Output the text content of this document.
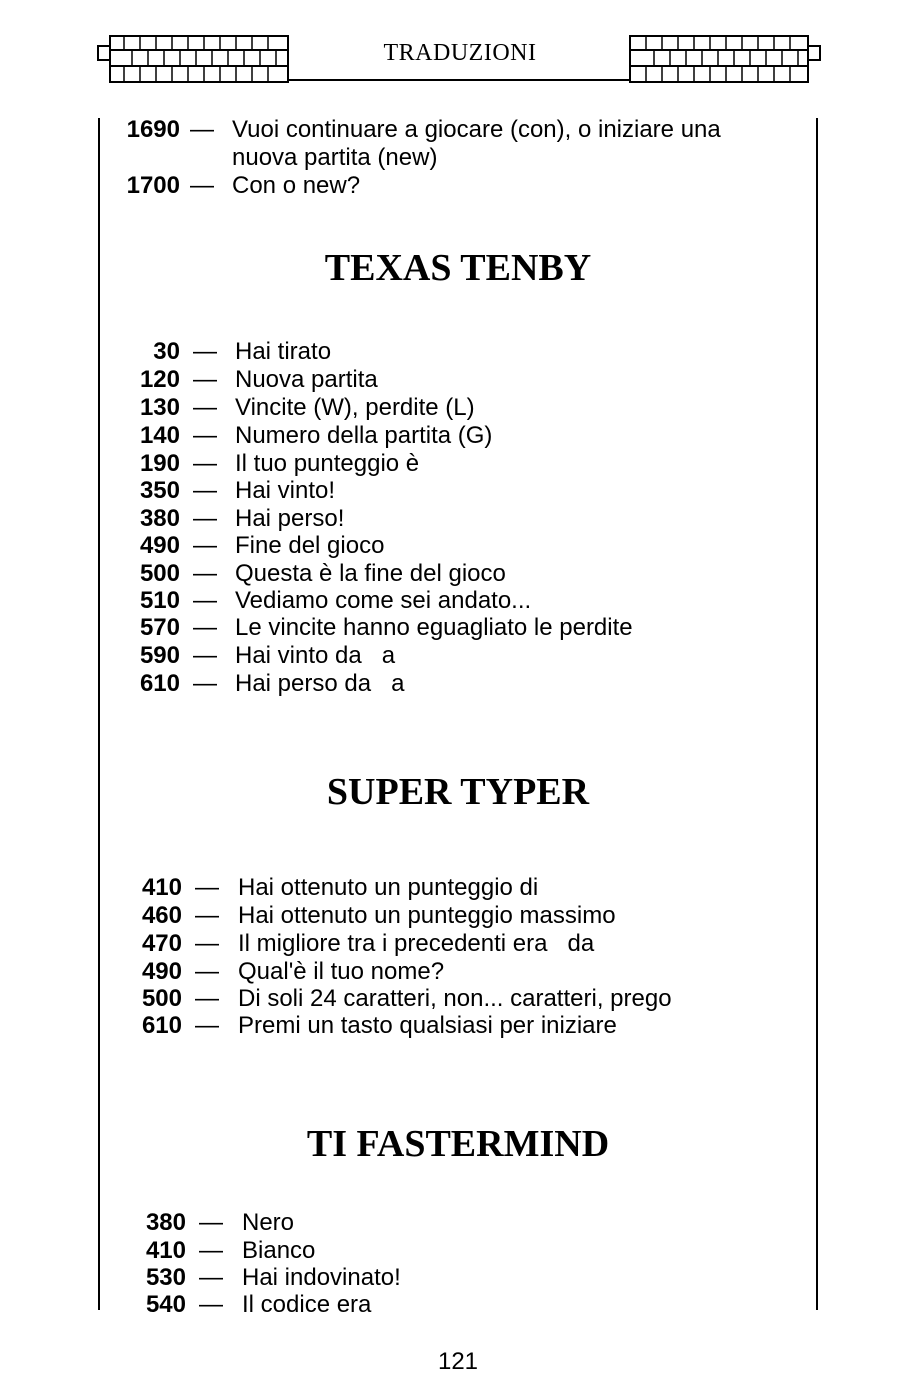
TRADUZIONI
1690 — Vuoi continuare a giocare (con), o iniziare una
nuova partita (new)
1700 — Con o new?
TEXAS TENBY
30 — Hai tirato
120 — Nuova partita
130 — Vincite (W), perdite (L)
140 — Numero della partita (G)
190 — Il tuo punteggio è
350 — Hai vinto!
380 — Hai perso!
490 — Fine del gioco
500 — Questa è la fine del gioco
510 — Vediamo come sei andato...
570 — Le vincite hanno eguagliato le perdite
590 — Hai vinto da   a
610 — Hai perso da   a
SUPER TYPER
410 — Hai ottenuto un punteggio di
460 — Hai ottenuto un punteggio massimo
470 — Il migliore tra i precedenti era   da
490 — Qual'è il tuo nome?
500 — Di soli 24 caratteri, non... caratteri, prego
610 — Premi un tasto qualsiasi per iniziare
TI FASTERMIND
380 — Nero
410 — Bianco
530 — Hai indovinato!
540 — Il codice era
121
